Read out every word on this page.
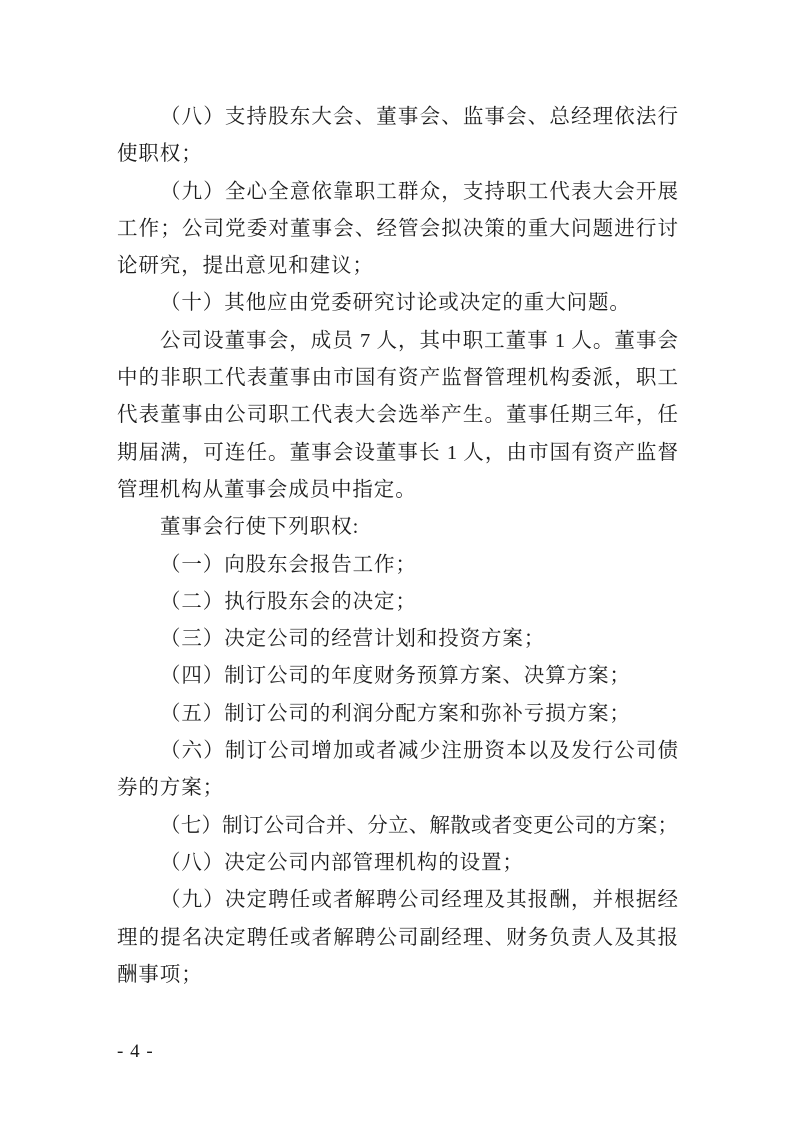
（八）支持股东大会、董事会、监事会、总经理依法行
使职权；
（九）全心全意依靠职工群众，支持职工代表大会开展
工作；公司党委对董事会、经管会拟决策的重大问题进行讨
论研究，提出意见和建议；
（十）其他应由党委研究讨论或决定的重大问题。
公司设董事会，成员 7 人，其中职工董事 1 人。董事会
中的非职工代表董事由市国有资产监督管理机构委派，职工
代表董事由公司职工代表大会选举产生。董事任期三年，任
期届满，可连任。董事会设董事长 1 人，由市国有资产监督
管理机构从董事会成员中指定。
董事会行使下列职权:
（一）向股东会报告工作；
（二）执行股东会的决定；
（三）决定公司的经营计划和投资方案；
（四）制订公司的年度财务预算方案、决算方案；
（五）制订公司的利润分配方案和弥补亏损方案；
（六）制订公司增加或者减少注册资本以及发行公司债
券的方案；
（七）制订公司合并、分立、解散或者变更公司的方案；
（八）决定公司内部管理机构的设置；
（九）决定聘任或者解聘公司经理及其报酬，并根据经
理的提名决定聘任或者解聘公司副经理、财务负责人及其报
酬事项；
- 4 -
